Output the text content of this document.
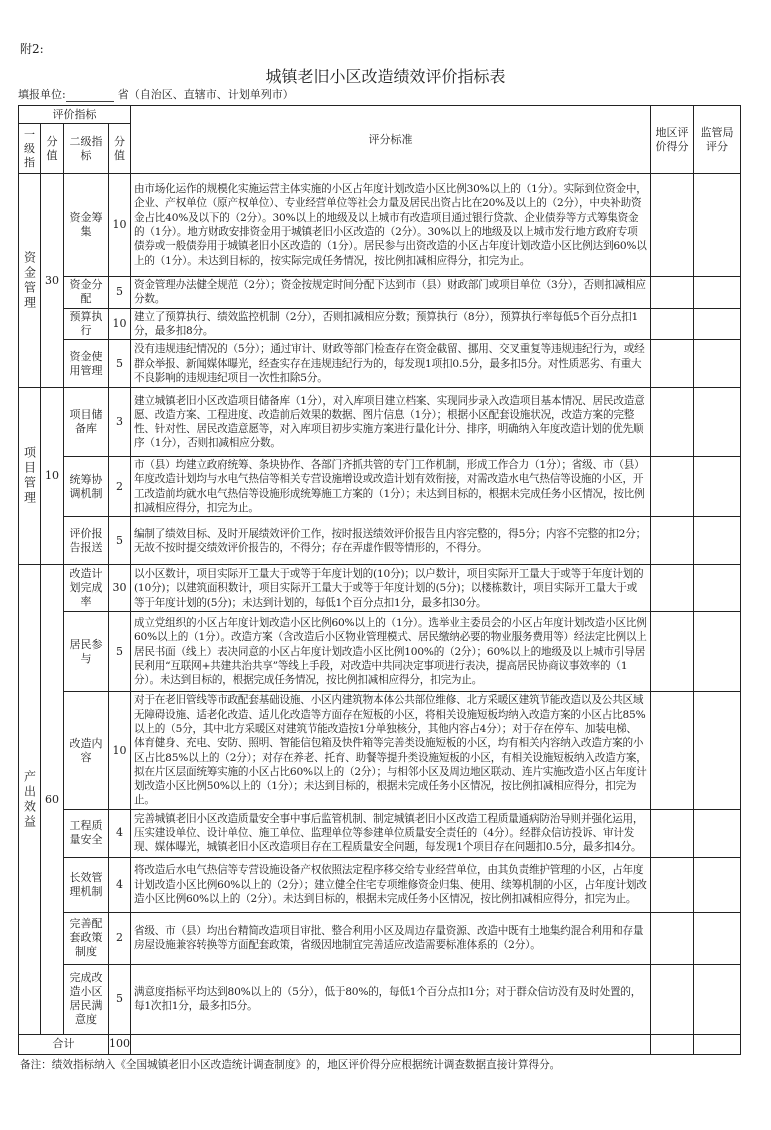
附2:
城镇老旧小区改造绩效评价指标表
填报单位:	省（自治区、直辖市、计划单列市）
评价指标				评分标准	地区评价得分	监管局评分
一级指	分值	二级指标	分值			
资金管理	30	资金筹集	10	由市场化运作的规模化实施运营主体实施的小区占年度计划改造小区比例30%以上的（1分）。实际到位资金中，企业、产权单位（原产权单位）、专业经营单位等社会力量及居民出资占比在20%及以上的（2分），中央补助资金占比40%及以下的（2分）。30%以上的地级及以上城市有改造项目通过银行贷款、企业债券等方式筹集资金的（1分）。地方财政安排资金用于城镇老旧小区改造的（2分）。30%以上的地级及以上城市发行地方政府专项债券或一般债券用于城镇老旧小区改造的（1分）。居民参与出资改造的小区占年度计划改造小区比例达到60%以上的（1分）。未达到目标的，按实际完成任务情况，按比例扣减相应得分，扣完为止。		
		资金分配	5	资金管理办法健全规范（2分）；资金按规定时间分配下达到市（县）财政部门或项目单位（3分），否则扣减相应分数。		
		预算执行	10	建立了预算执行、绩效监控机制（2分），否则扣减相应分数；预算执行（8分），预算执行率每低5个百分点扣1分，最多扣8分。		
		资金使用管理	5	没有违规违纪情况的（5分）；通过审计、财政等部门检查存在资金截留、挪用、交叉重复等违规违纪行为，或经群众举报、新闻媒体曝光，经查实存在违规违纪行为的，每发现1项扣0.5分，最多扣5分。对性质恶劣、有重大不良影响的违规违纪项目一次性扣除5分。		
项目管理	10	项目储备库	3	建立城镇老旧小区改造项目储备库（1分），对入库项目建立档案、实现同步录入改造项目基本情况、居民改造意愿、改造方案、工程进度、改造前后效果的数据、图片信息（1分）；根据小区配套设施状况，改造方案的完整性、针对性、居民改造意愿等，对入库项目初步实施方案进行量化计分、排序，明确纳入年度改造计划的优先顺序（1分），否则扣减相应分数。		
		统筹协调机制	2	市（县）均建立政府统筹、条块协作、各部门齐抓共管的专门工作机制，形成工作合力（1分）；省级、市（县）年度改造计划均与水电气热信等相关专营设施增设或改造计划有效衔接，对需改造水电气热信等设施的小区，开工改造前均就水电气热信等设施形成统筹施工方案的（1分）；未达到目标的，根据未完成任务小区情况，按比例扣减相应得分，扣完为止。		
		评价报告报送	5	编制了绩效目标、及时开展绩效评价工作，按时报送绩效评价报告且内容完整的，得5分；内容不完整的扣2分；无故不按时提交绩效评价报告的，不得分；存在弄虚作假等情形的，不得分。		
产出效益	60	改造计划完成率	30	以小区数计，项目实际开工量大于或等于年度计划的(10分)；以户数计，项目实际开工量大于或等于年度计划的(10分)；以建筑面积数计，项目实际开工量大于或等于年度计划的(5分)；以楼栋数计，项目实际开工量大于或等于年度计划的(5分)；未达到计划的，每低1个百分点扣1分，最多扣30分。		
		居民参与	5	成立党组织的小区占年度计划改造小区比例60%以上的（1分）。选举业主委员会的小区占年度计划改造小区比例60%以上的（1分）。改造方案（含改造后小区物业管理模式、居民缴纳必要的物业服务费用等）经法定比例以上居民书面（线上）表决同意的小区占年度计划改造小区比例100%的（2分）；60%以上的地级及以上城市引导居民利用“互联网+共建共治共享”等线上手段，对改造中共同决定事项进行表决，提高居民协商议事效率的（1分）。未达到目标的，根据完成任务情况，按比例扣减相应得分，扣完为止。		
		改造内容	10	对于在老旧管线等市政配套基础设施、小区内建筑物本体公共部位维修、北方采暖区建筑节能改造以及公共区域无障碍设施、适老化改造、适儿化改造等方面存在短板的小区，将相关设施短板均纳入改造方案的小区占比85%以上的（5分，其中北方采暖区对建筑节能改造按1分单独核分，其他内容占4分）；对于存在停车、加装电梯、体育健身、充电、安防、照明、智能信包箱及快件箱等完善类设施短板的小区，均有相关内容纳入改造方案的小区占比85%以上的（2分）；对存在养老、托育、助餐等提升类设施短板的小区，有相关设施短板纳入改造方案，拟在片区层面统筹实施的小区占比60%以上的（2分）；与相邻小区及周边地区联动、连片实施改造小区占年度计划改造小区比例50%以上的（1分）；未达到目标的，根据未完成任务小区情况，按比例扣减相应得分，扣完为止。		
		工程质量安全	4	完善城镇老旧小区改造质量安全事中事后监管机制、制定城镇老旧小区改造工程质量通病防治导则并强化运用，压实建设单位、设计单位、施工单位、监理单位等参建单位质量安全责任的（4分）。经群众信访投诉、审计发现、媒体曝光，城镇老旧小区改造项目存在工程质量安全问题，每发现1个项目存在问题扣0.5分，最多扣4分。		
		长效管理机制	4	将改造后水电气热信等专营设施设备产权依照法定程序移交给专业经营单位，由其负责维护管理的小区，占年度计划改造小区比例60%以上的（2分）；建立健全住宅专项维修资金归集、使用、续筹机制的小区，占年度计划改造小区比例60%以上的（2分）。未达到目标的，根据未完成任务小区情况，按比例扣减相应得分，扣完为止。		
		完善配套政策制度	2	省级、市（县）均出台精简改造项目审批、整合利用小区及周边存量资源、改造中既有土地集约混合利用和存量房屋设施兼容转换等方面配套政策，省级因地制宜完善适应改造需要标准体系的（2分）。		
		完成改造小区居民满意度	5	满意度指标平均达到80%以上的（5分），低于80%的，每低1个百分点扣1分；对于群众信访没有及时处置的，每1次扣1分，最多扣5分。		
合计			100			
备注：绩效指标纳入《全国城镇老旧小区改造统计调查制度》的，地区评价得分应根据统计调查数据直接计算得分。
